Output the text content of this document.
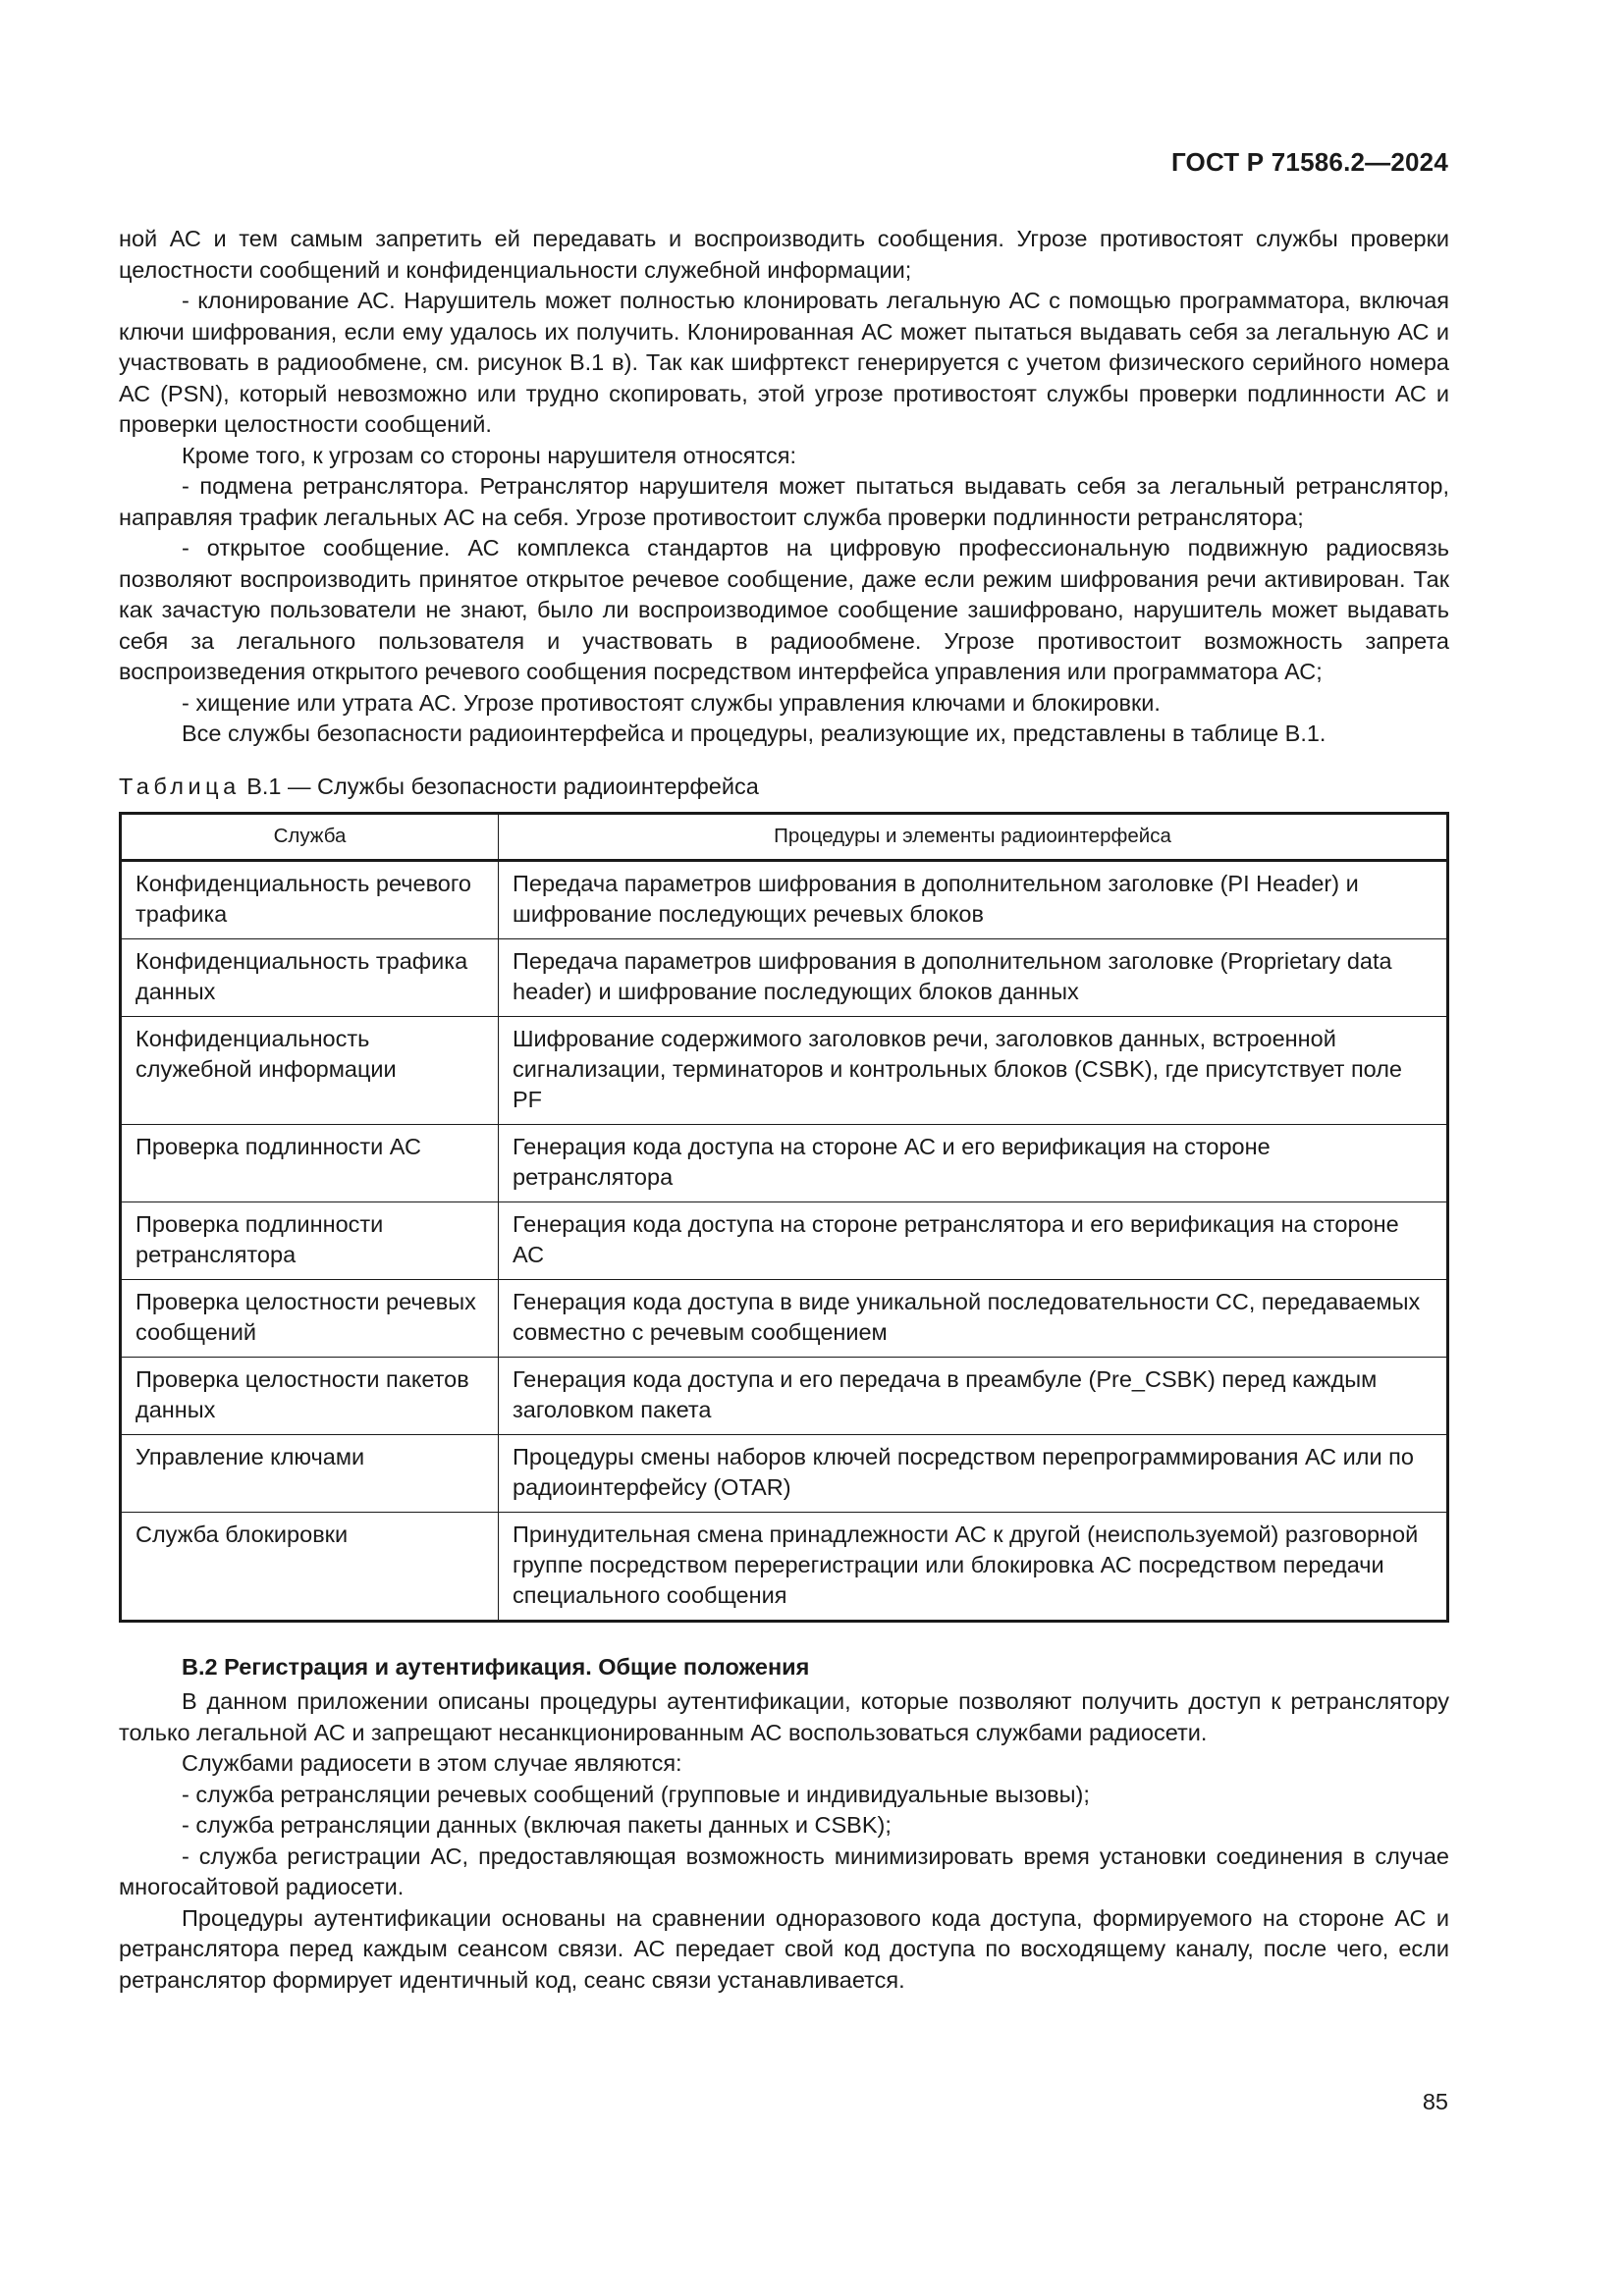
ГОСТ Р 71586.2—2024

ной АС и тем самым запретить ей передавать и воспроизводить сообщения. Угрозе противостоят службы проверки целостности сообщений и конфиденциальности служебной информации;

- клонирование АС. Нарушитель может полностью клонировать легальную АС с помощью программатора, включая ключи шифрования, если ему удалось их получить. Клонированная АС может пытаться выдавать себя за легальную АС и участвовать в радиообмене, см. рисунок В.1 в). Так как шифртекст генерируется с учетом физического серийного номера АС (PSN), который невозможно или трудно скопировать, этой угрозе противостоят службы проверки подлинности АС и проверки целостности сообщений.

Кроме того, к угрозам со стороны нарушителя относятся:

- подмена ретранслятора. Ретранслятор нарушителя может пытаться выдавать себя за легальный ретранслятор, направляя трафик легальных АС на себя. Угрозе противостоит служба проверки подлинности ретранслятора;

- открытое сообщение. АС комплекса стандартов на цифровую профессиональную подвижную радиосвязь позволяют воспроизводить принятое открытое речевое сообщение, даже если режим шифрования речи активирован. Так как зачастую пользователи не знают, было ли воспроизводимое сообщение зашифровано, нарушитель может выдавать себя за легального пользователя и участвовать в радиообмене. Угрозе противостоит возможность запрета воспроизведения открытого речевого сообщения посредством интерфейса управления или программатора АС;

- хищение или утрата АС. Угрозе противостоят службы управления ключами и блокировки.

Все службы безопасности радиоинтерфейса и процедуры, реализующие их, представлены в таблице В.1.

Таблица В.1 — Службы безопасности радиоинтерфейса
Служба	Процедуры и элементы радиоинтерфейса
Конфиденциальность речевого трафика	Передача параметров шифрования в дополнительном заголовке (PI Header) и шифрование последующих речевых блоков
Конфиденциальность трафика данных	Передача параметров шифрования в дополнительном заголовке (Proprietary data header) и шифрование последующих блоков данных
Конфиденциальность служебной информации	Шифрование содержимого заголовков речи, заголовков данных, встроенной сигнализации, терминаторов и контрольных блоков (CSBK), где присутствует поле PF
Проверка подлинности АС	Генерация кода доступа на стороне АС и его верификация на стороне ретранслятора
Проверка подлинности ретранслятора	Генерация кода доступа на стороне ретранслятора и его верификация на стороне АС
Проверка целостности речевых сообщений	Генерация кода доступа в виде уникальной последовательности СС, передаваемых совместно с речевым сообщением
Проверка целостности пакетов данных	Генерация кода доступа и его передача в преамбуле (Pre_CSBK) перед каждым заголовком пакета
Управление ключами	Процедуры смены наборов ключей посредством перепрограммирования АС или по радиоинтерфейсу (OTAR)
Служба блокировки	Принудительная смена принадлежности АС к другой (неиспользуемой) разговорной группе посредством перерегистрации или блокировка АС посредством передачи специального сообщения

В.2 Регистрация и аутентификация. Общие положения

В данном приложении описаны процедуры аутентификации, которые позволяют получить доступ к ретранслятору только легальной АС и запрещают несанкционированным АС воспользоваться службами радиосети.

Службами радиосети в этом случае являются:

- служба ретрансляции речевых сообщений (групповые и индивидуальные вызовы);

- служба ретрансляции данных (включая пакеты данных и CSBK);

- служба регистрации АС, предоставляющая возможность минимизировать время установки соединения в случае многосайтовой радиосети.

Процедуры аутентификации основаны на сравнении одноразового кода доступа, формируемого на стороне АС и ретранслятора перед каждым сеансом связи. АС передает свой код доступа по восходящему каналу, после чего, если ретранслятор формирует идентичный код, сеанс связи устанавливается.

85
